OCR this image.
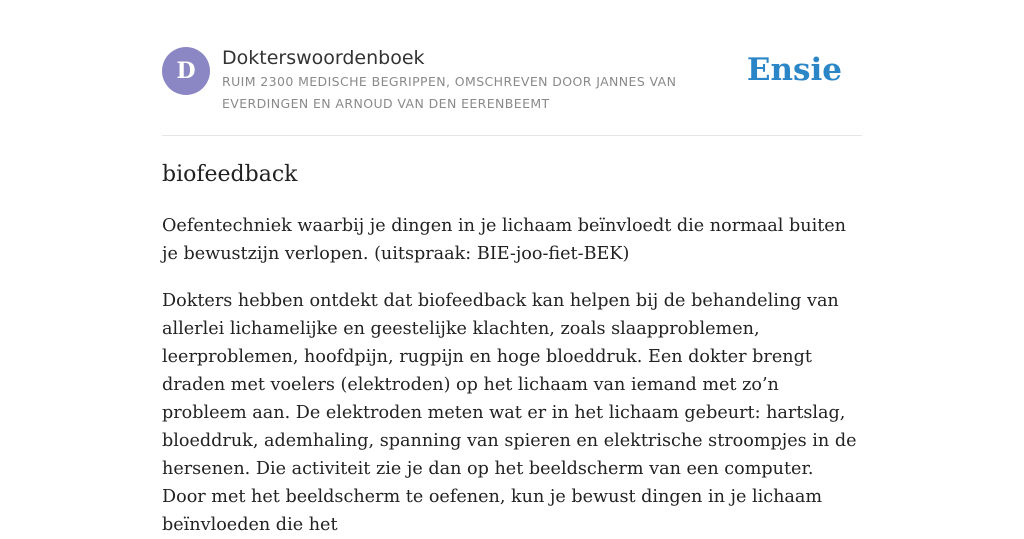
D	Dokterswoordenboek

RUIM 2300 MEDISCHE BEGRIPPEN, OMSCHREVEN DOOR JANNES VAN EVERDINGEN EN ARNOUD VAN DEN EERENBEEMT

Ensie
biofeedback

Oefentechniek waarbij je dingen in je lichaam beïnvloedt die normaal buiten je bewustzijn verlopen. (uitspraak: BIE-joo-fiet-BEK)

Dokters hebben ontdekt dat biofeedback kan helpen bij de behandeling van allerlei lichamelijke en geestelijke klachten, zoals slaapproblemen, leerproblemen, hoofdpijn, rugpijn en hoge bloeddruk. Een dokter brengt draden met voelers (elektroden) op het lichaam van iemand met zo’n probleem aan. De elektroden meten wat er in het lichaam gebeurt: hartslag, bloeddruk, ademhaling, spanning van spieren en elektrische stroompjes in de hersenen. Die activiteit zie je dan op het beeldscherm van een computer. Door met het beeldscherm te oefenen, kun je bewust dingen in je lichaam beïnvloeden die het
